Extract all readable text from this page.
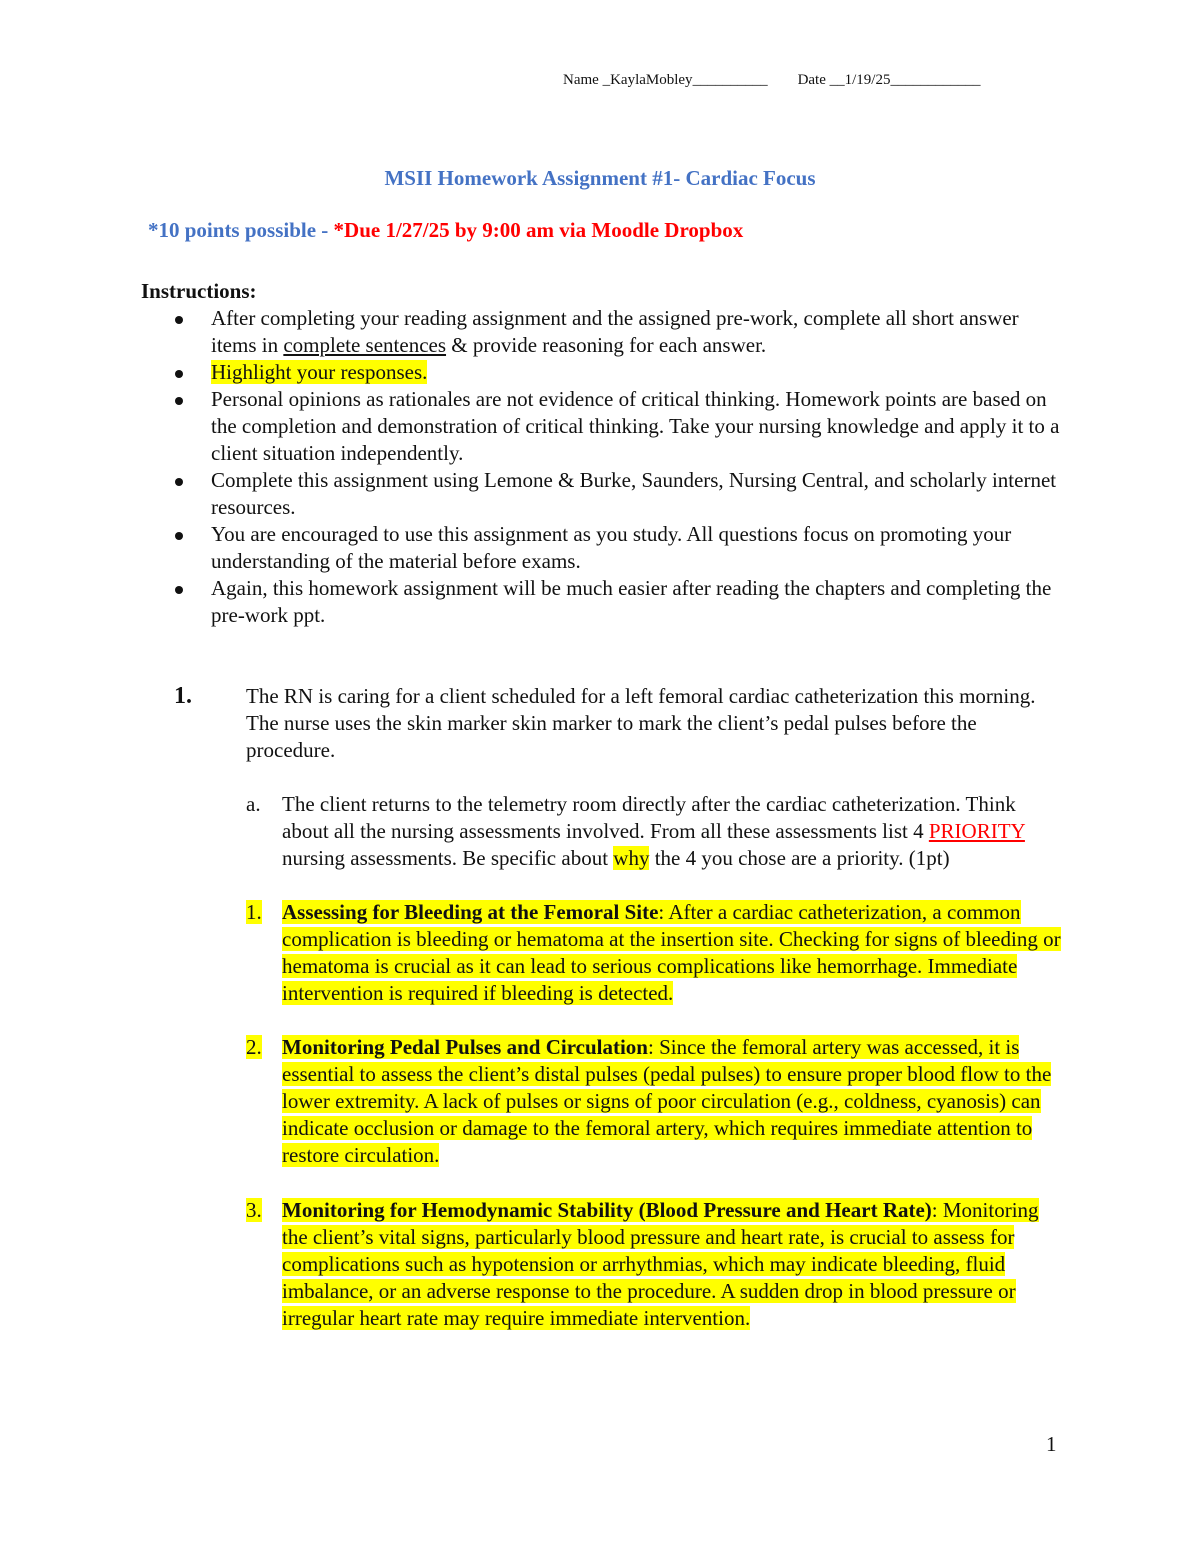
Name _KaylaMobley__________ Date __1/19/25____________
MSII Homework Assignment #1- Cardiac Focus
*10 points possible - *Due 1/27/25 by 9:00 am via Moodle Dropbox
Instructions:
After completing your reading assignment and the assigned pre-work, complete all short answer items in complete sentences & provide reasoning for each answer.
Highlight your responses.
Personal opinions as rationales are not evidence of critical thinking. Homework points are based on the completion and demonstration of critical thinking. Take your nursing knowledge and apply it to a client situation independently.
Complete this assignment using Lemone & Burke, Saunders, Nursing Central, and scholarly internet resources.
You are encouraged to use this assignment as you study. All questions focus on promoting your understanding of the material before exams.
Again, this homework assignment will be much easier after reading the chapters and completing the pre-work ppt.
1.	The RN is caring for a client scheduled for a left femoral cardiac catheterization this morning. The nurse uses the skin marker skin marker to mark the client’s pedal pulses before the procedure.
a. The client returns to the telemetry room directly after the cardiac catheterization. Think about all the nursing assessments involved. From all these assessments list 4 PRIORITY nursing assessments. Be specific about why the 4 you chose are a priority. (1pt)
1. Assessing for Bleeding at the Femoral Site: After a cardiac catheterization, a common complication is bleeding or hematoma at the insertion site. Checking for signs of bleeding or hematoma is crucial as it can lead to serious complications like hemorrhage. Immediate intervention is required if bleeding is detected.
2. Monitoring Pedal Pulses and Circulation: Since the femoral artery was accessed, it is essential to assess the client’s distal pulses (pedal pulses) to ensure proper blood flow to the lower extremity. A lack of pulses or signs of poor circulation (e.g., coldness, cyanosis) can indicate occlusion or damage to the femoral artery, which requires immediate attention to restore circulation.
3. Monitoring for Hemodynamic Stability (Blood Pressure and Heart Rate): Monitoring the client’s vital signs, particularly blood pressure and heart rate, is crucial to assess for complications such as hypotension or arrhythmias, which may indicate bleeding, fluid imbalance, or an adverse response to the procedure. A sudden drop in blood pressure or irregular heart rate may require immediate intervention.
1
